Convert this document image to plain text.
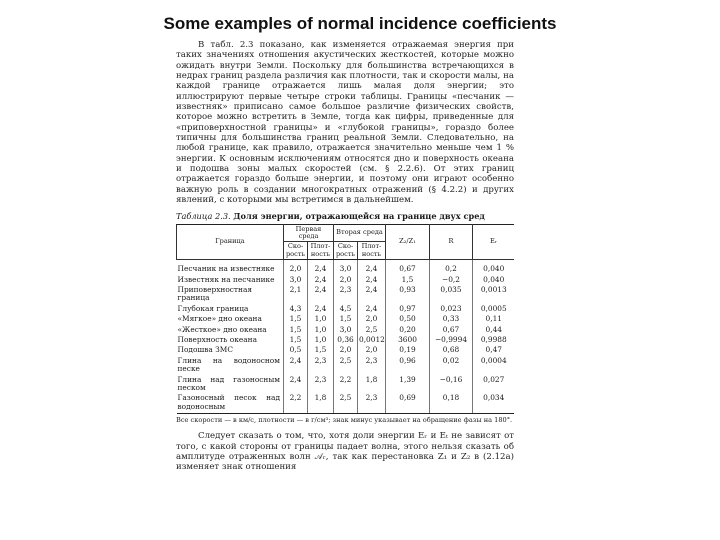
Some examples of normal incidence coefficients

В табл. 2.3 показано, как изменяется отражаемая энергия при таких значениях отношения акустических жесткостей, которые можно ожидать внутри Земли. Поскольку для большинства встречающихся в недрах границ раздела различия как плотности, так и скорости малы, на каждой границе отражается лишь малая доля энергии; это иллюстрируют первые четыре строки таблицы. Границы «песчаник — известняк» приписано самое большое различие физических свойств, которое можно встретить в Земле, тогда как цифры, приведенные для «приповерхностной границы» и «глубокой границы», гораздо более типичны для большинства границ реальной Земли. Следовательно, на любой границе, как правило, отражается значительно меньше чем 1 % энергии. К основным исключениям относятся дно и поверхность океана и подошва зоны малых скоростей (см. § 2.2.6). От этих границ отражается гораздо больше энергии, и поэтому они играют особенно важную роль в создании многократных отражений (§ 4.2.2) и других явлений, с которыми мы встретимся в дальнейшем.

Таблица 2.3. Доля энергии, отражающейся на границе двух сред
Граница	Первая среда		Вторая среда		Z₂/Z₁	R	Eᵣ
	Ско-рость	Плот-ность	Ско-рость	Плот-ность			
Песчаник на известняке	2,0	2,4	3,0	2,4	0,67	0,2	0,040
Известняк на песчанике	3,0	2,4	2,0	2,4	1,5	−0,2	0,040
Приповерхностная граница	2,1	2,4	2,3	2,4	0,93	0,035	0,0013
Глубокая граница	4,3	2,4	4,5	2,4	0,97	0,023	0,0005
«Мягкое» дно океана	1,5	1,0	1,5	2,0	0,50	0,33	0,11
«Жесткое» дно океана	1,5	1,0	3,0	2,5	0,20	0,67	0,44
Поверхность океана	1,5	1,0	0,36	0,0012	3600	−0,9994	0,9988
Подошва ЗМС	0,5	1,5	2,0	2,0	0,19	0,68	0,47
Глина на водоносном песке	2,4	2,3	2,5	2,3	0,96	0,02	0,0004
Глина над газоносным песком	2,4	2,3	2,2	1,8	1,39	−0,16	0,027
Газоносный песок над водоносным	2,2	1,8	2,5	2,3	0,69	0,18	0,034

Все скорости — в км/с, плотности — в г/см³; знак минус указывает на обращение фазы на 180°.

Следует сказать о том, что, хотя доли энергии Eᵣ и Eₜ не зависят от того, с какой стороны от границы падает волна, этого нельзя сказать об амплитуде отраженных волн 𝒜ᵣ, так как перестановка Z₁ и Z₂ в (2.12а) изменяет знак отношения
